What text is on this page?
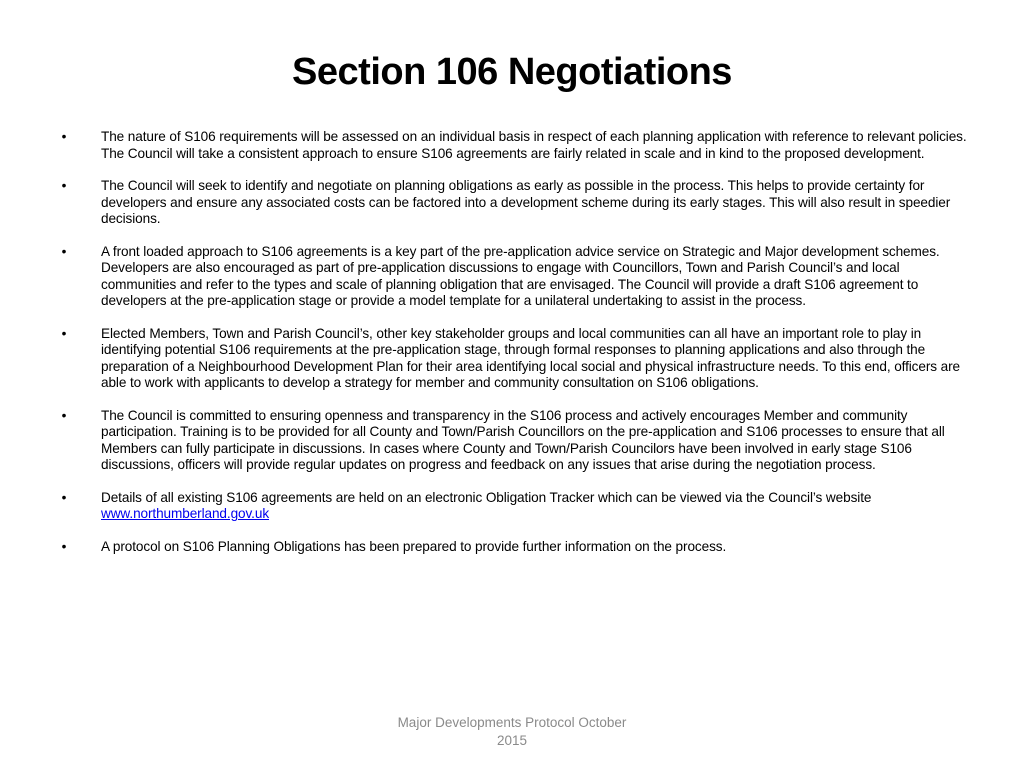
Section 106 Negotiations
•	The nature of S106 requirements will be assessed on an individual basis in respect of each planning application with reference to relevant policies. The Council will take a consistent approach to ensure S106 agreements are fairly related in scale and in kind to the proposed development.
•	The Council will seek to identify and negotiate on planning obligations as early as possible in the process. This helps to provide certainty for developers and ensure any associated costs can be factored into a development scheme during its early stages. This will also result in speedier decisions.
•	A front loaded approach to S106 agreements is a key part of the pre-application advice service on Strategic and Major development schemes. Developers are also encouraged as part of pre-application discussions to engage with Councillors, Town and Parish Council’s and local communities and refer to the types and scale of planning obligation that are envisaged. The Council will provide a draft S106 agreement to developers at the pre-application stage or provide a model template for a unilateral undertaking to assist in the process.
•	Elected Members, Town and Parish Council’s, other key stakeholder groups and local communities can all have an important role to play in identifying potential S106 requirements at the pre-application stage, through formal responses to planning applications and also through the preparation of a Neighbourhood Development Plan for their area identifying local social and physical infrastructure needs. To this end, officers are able to work with applicants to develop a strategy for member and community consultation on S106 obligations.
•	The Council is committed to ensuring openness and transparency in the S106 process and actively encourages Member and community participation. Training is to be provided for all County and Town/Parish Councillors on the pre-application and S106 processes to ensure that all Members can fully participate in discussions. In cases where County and Town/Parish Councilors have been involved in early stage S106 discussions, officers will provide regular updates on progress and feedback on any issues that arise during the negotiation process.
•	Details of all existing S106 agreements are held on an electronic Obligation Tracker which can be viewed via the Council’s website www.northumberland.gov.uk
•	A protocol on S106 Planning Obligations has been prepared to provide further information on the process.
Major Developments Protocol October
2015
